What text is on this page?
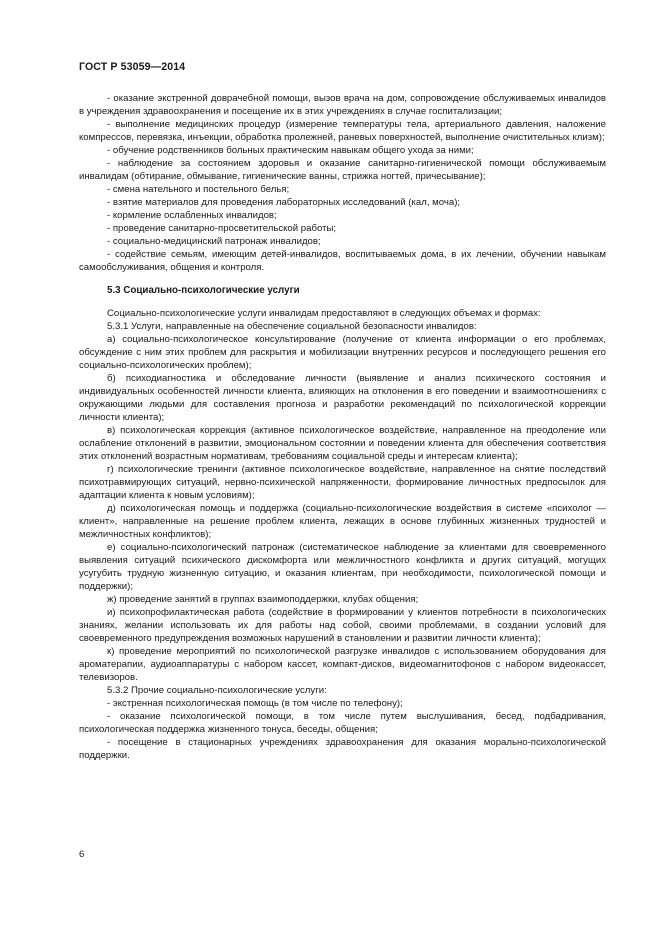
ГОСТ Р 53059—2014

- оказание экстренной доврачебной помощи, вызов врача на дом, сопровождение обслуживаемых инвалидов в учреждения здравоохранения и посещение их в этих учреждениях в случае госпитализации;

- выполнение медицинских процедур (измерение температуры тела, артериального давления, наложение компрессов, перевязка, инъекции, обработка пролежней, раневых поверхностей, выполнение очистительных клизм);

- обучение родственников больных практическим навыкам общего ухода за ними;

- наблюдение за состоянием здоровья и оказание санитарно-гигиенической помощи обслуживаемым инвалидам (обтирание, обмывание, гигиенические ванны, стрижка ногтей, причесывание);

- смена нательного и постельного белья;

- взятие материалов для проведения лабораторных исследований (кал, моча);

- кормление ослабленных инвалидов;

- проведение санитарно-просветительской работы;

- социально-медицинский патронаж инвалидов;

- содействие семьям, имеющим детей-инвалидов, воспитываемых дома, в их лечении, обучении навыкам самообслуживания, общения и контроля.

5.3 Социально-психологические услуги

Социально-психологические услуги инвалидам предоставляют в следующих объемах и формах:

5.3.1 Услуги, направленные на обеспечение социальной безопасности инвалидов:

а) социально-психологическое консультирование (получение от клиента информации о его проблемах, обсуждение с ним этих проблем для раскрытия и мобилизации внутренних ресурсов и последующего решения его социально-психологических проблем);

б) психодиагностика и обследование личности (выявление и анализ психического состояния и индивидуальных особенностей личности клиента, влияющих на отклонения в его поведении и взаимоотношениях с окружающими людьми для составления прогноза и разработки рекомендаций по психологической коррекции личности клиента);

в) психологическая коррекция (активное психологическое воздействие, направленное на преодоление или ослабление отклонений в развитии, эмоциональном состоянии и поведении клиента для обеспечения соответствия этих отклонений возрастным нормативам, требованиям социальной среды и интересам клиента);

г) психологические тренинги (активное психологическое воздействие, направленное на снятие последствий психотравмирующих ситуаций, нервно-психической напряженности, формирование личностных предпосылок для адаптации клиента к новым условиям);

д) психологическая помощь и поддержка (социально-психологические воздействия в системе «психолог — клиент», направленные на решение проблем клиента, лежащих в основе глубинных жизненных трудностей и межличностных конфликтов);

е) социально-психологический патронаж (систематическое наблюдение за клиентами для своевременного выявления ситуаций психического дискомфорта или межличностного конфликта и других ситуаций, могущих усугубить трудную жизненную ситуацию, и оказания клиентам, при необходимости, психологической помощи и поддержки);

ж) проведение занятий в группах взаимоподдержки, клубах общения;

и) психопрофилактическая работа (содействие в формировании у клиентов потребности в психологических знаниях, желании использовать их для работы над собой, своими проблемами, в создании условий для своевременного предупреждения возможных нарушений в становлении и развитии личности клиента);

к) проведение мероприятий по психологической разгрузке инвалидов с использованием оборудования для ароматерапии, аудиоаппаратуры с набором кассет, компакт-дисков, видеомагнитофонов с набором видеокассет, телевизоров.

5.3.2 Прочие социально-психологические услуги:

- экстренная психологическая помощь (в том числе по телефону);

- оказание психологической помощи, в том числе путем выслушивания, бесед, подбадривания, психологическая поддержка жизненного тонуса, беседы, общения;

- посещение в стационарных учреждениях здравоохранения для оказания морально-психологической поддержки.

6
